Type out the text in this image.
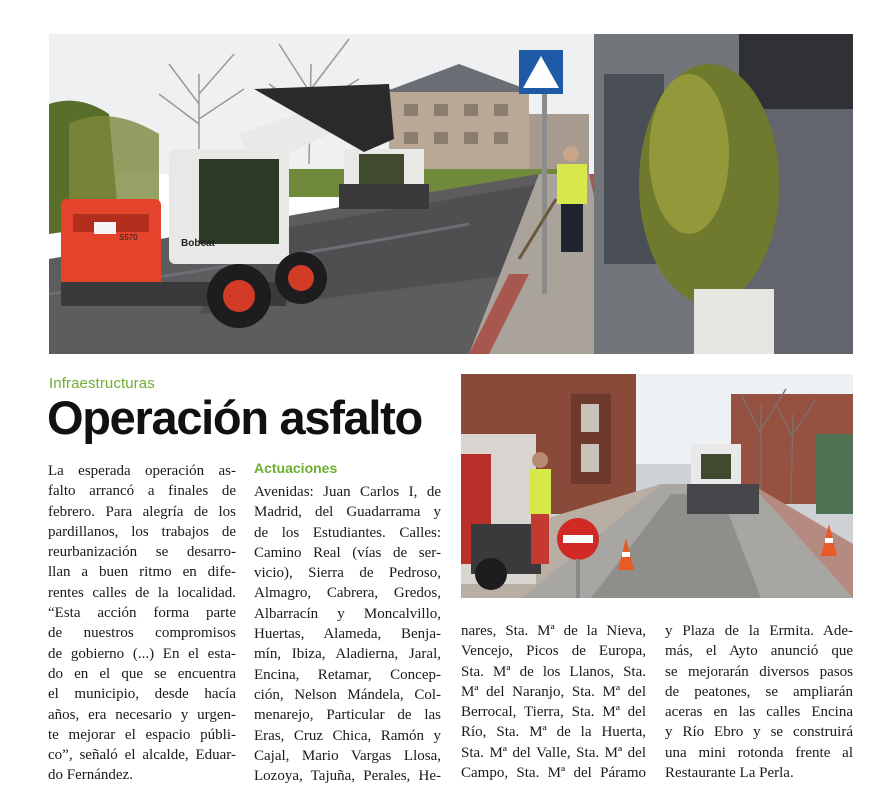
Bobcat
S570
Infraestructuras
Operación asfalto
La esperada operación as-
falto arrancó a finales de
febrero. Para alegría de los
pardillanos, los trabajos de
reurbanización se desarro-
llan a buen ritmo en dife-
rentes calles de la localidad.
“Esta acción forma parte
de nuestros compromisos
de gobierno (...) En el esta-
do en el que se encuentra
el municipio, desde hacía
años, era necesario y urgen-
te mejorar el espacio públi-
co”, señaló el alcalde, Eduar-
do Fernández.
Actuaciones
Avenidas: Juan Carlos I, de
Madrid, del Guadarrama y
de los Estudiantes. Calles:
Camino Real (vías de ser-
vicio), Sierra de Pedroso,
Almagro, Cabrera, Gredos,
Albarracín y Moncalvillo,
Huertas, Alameda, Benja-
mín, Ibiza, Aladierna, Jaral,
Encina, Retamar, Concep-
ción, Nelson Mándela, Col-
menarejo, Particular de las
Eras, Cruz Chica, Ramón y
Cajal, Mario Vargas Llosa,
Lozoya, Tajuña, Perales, He-
nares, Sta. Mª de la Nieva,
Vencejo, Picos de Europa,
Sta. Mª de los Llanos, Sta.
Mª del Naranjo, Sta. Mª del
Berrocal, Tierra, Sta. Mª del
Río, Sta. Mª de la Huerta,
Sta. Mª del Valle, Sta. Mª del
Campo, Sta. Mª del Páramo
y Plaza de la Ermita. Ade-
más, el Ayto anunció que
se mejorarán diversos pasos
de peatones, se ampliarán
aceras en las calles Encina
y Río Ebro y se construirá
una mini rotonda frente al
Restaurante La Perla.
